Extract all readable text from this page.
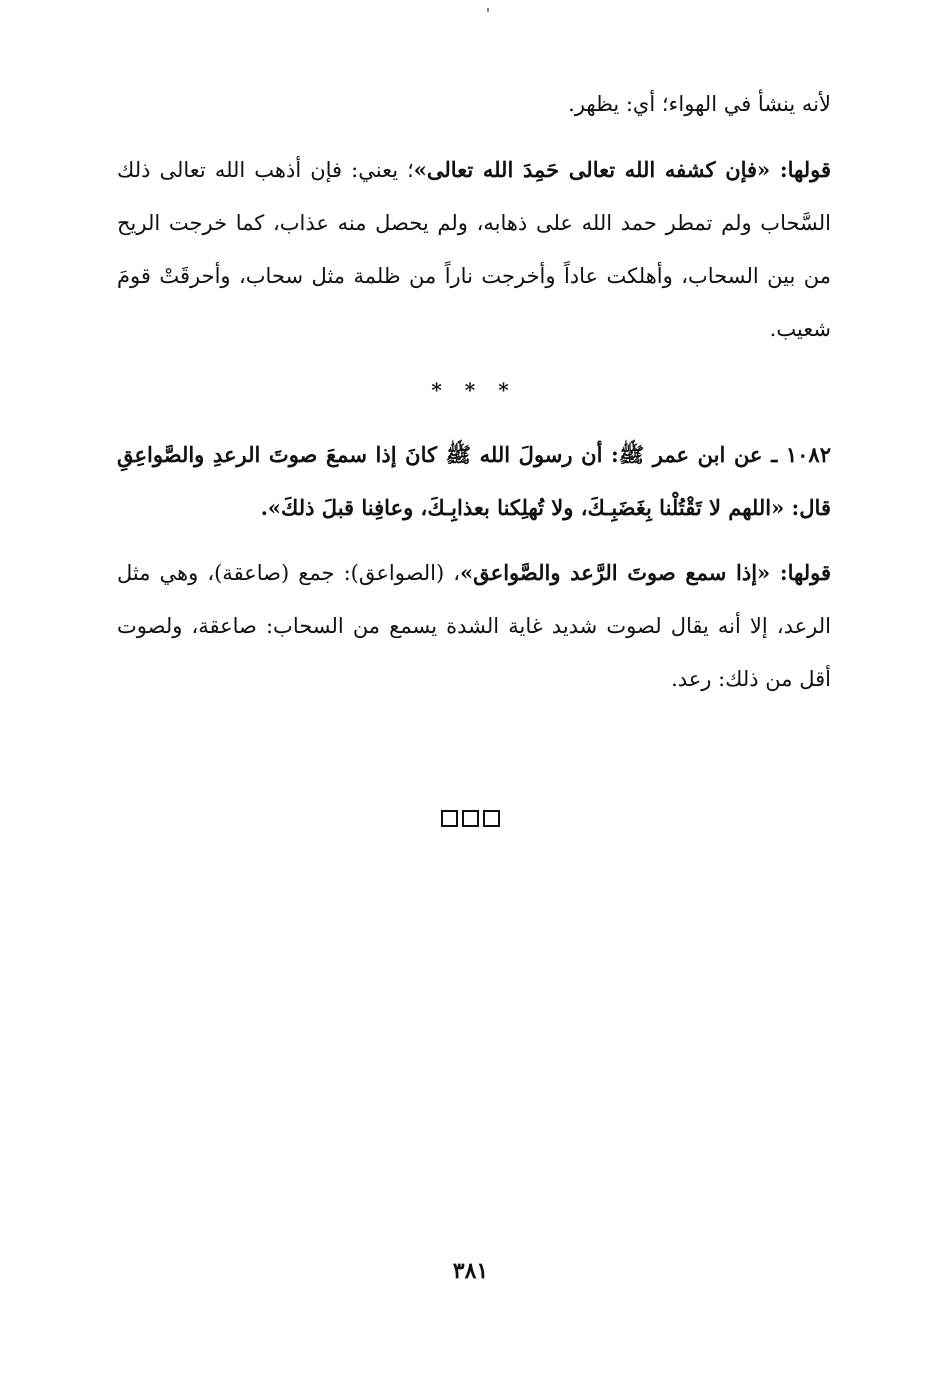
لأنه ينشأ في الهواء؛ أي: يظهر.

قولها: «فإن كشفه الله تعالى حَمِدَ الله تعالى»؛ يعني: فإن أذهب الله تعالى ذلك السَّحاب ولم تمطر حمد الله على ذهابه، ولم يحصل منه عذاب، كما خرجت الريح من بين السحاب، وأهلكت عاداً وأخرجت ناراً من ظلمة مثل سحاب، وأحرقَتْ قومَ شعيب.

* * *

١٠٨٢ ـ عن ابن عمر ﷺ: أن رسولَ الله ﷺ كانَ إذا سمعَ صوتَ الرعدِ والصَّواعِقِ قال: «اللهم لا تَقْتُلْنا بِغَضَبِـكَ، ولا تُهلِكنا بعذابِـكَ، وعافِنا قبلَ ذلكَ».

قولها: «إذا سمع صوتَ الرَّعد والصَّواعق»، (الصواعق): جمع (صاعقة)، وهي مثل الرعد، إلا أنه يقال لصوت شديد غاية الشدة يسمع من السحاب: صاعقة، ولصوت أقل من ذلك: رعد.

٣٨١
